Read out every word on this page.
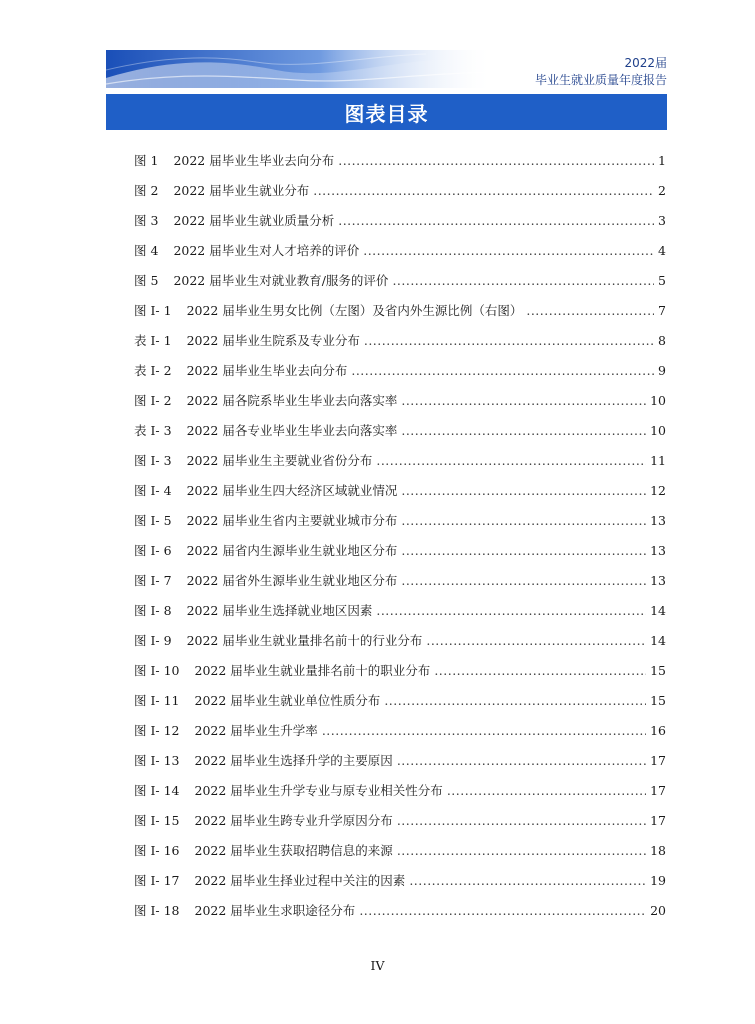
2022届
毕业生就业质量年度报告
图表目录
图 1 2022 届毕业生毕业去向分布 .....	1
图 2 2022 届毕业生就业分布 .....	2
图 3 2022 届毕业生就业质量分析 .....	3
图 4 2022 届毕业生对人才培养的评价 .....	4
图 5 2022 届毕业生对就业教育/服务的评价 .....	5
图 I- 1 2022 届毕业生男女比例（左图）及省内外生源比例（右图） .....	7
表 I- 1 2022 届毕业生院系及专业分布 .....	8
表 I- 2 2022 届毕业生毕业去向分布 .....	9
图 I- 2 2022 届各院系毕业生毕业去向落实率 .....	10
表 I- 3 2022 届各专业毕业生毕业去向落实率 .....	10
图 I- 3 2022 届毕业生主要就业省份分布 .....	11
图 I- 4 2022 届毕业生四大经济区域就业情况 .....	12
图 I- 5 2022 届毕业生省内主要就业城市分布 .....	13
图 I- 6 2022 届省内生源毕业生就业地区分布 .....	13
图 I- 7 2022 届省外生源毕业生就业地区分布 .....	13
图 I- 8 2022 届毕业生选择就业地区因素 .....	14
图 I- 9 2022 届毕业生就业量排名前十的行业分布 .....	14
图 I- 10 2022 届毕业生就业量排名前十的职业分布 .....	15
图 I- 11 2022 届毕业生就业单位性质分布 .....	15
图 I- 12 2022 届毕业生升学率 .....	16
图 I- 13 2022 届毕业生选择升学的主要原因 .....	17
图 I- 14 2022 届毕业生升学专业与原专业相关性分布 .....	17
图 I- 15 2022 届毕业生跨专业升学原因分布 .....	17
图 I- 16 2022 届毕业生获取招聘信息的来源 .....	18
图 I- 17 2022 届毕业生择业过程中关注的因素 .....	19
图 I- 18 2022 届毕业生求职途径分布 .....	20
IV
